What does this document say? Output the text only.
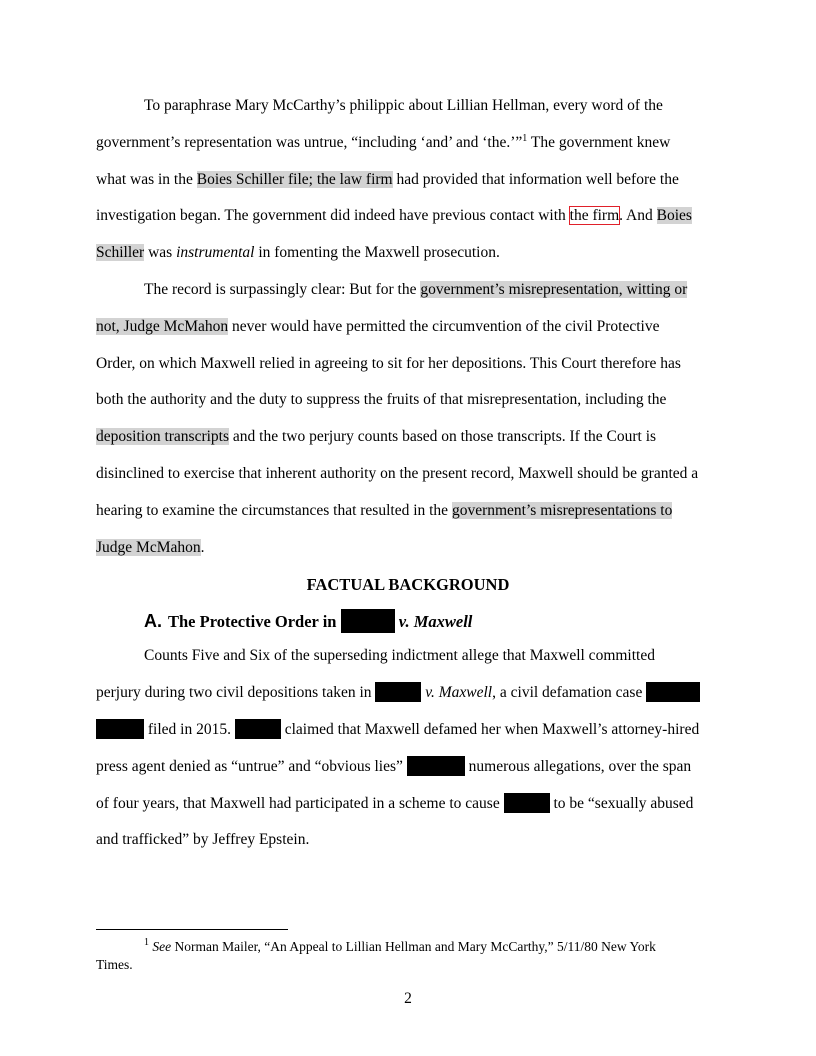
To paraphrase Mary McCarthy’s philippic about Lillian Hellman, every word of the
government’s representation was untrue, “including ‘and’ and ‘the.’”$^1$ The government knew
what was in the Boies Schiller file; the law firm had provided that information well before the
investigation began. The government did indeed have previous contact with the firm. And Boies
Schiller was instrumental in fomenting the Maxwell prosecution.
The record is surpassingly clear: But for the government’s misrepresentation, witting or
not, Judge McMahon never would have permitted the circumvention of the civil Protective
Order, on which Maxwell relied in agreeing to sit for her depositions. This Court therefore has
both the authority and the duty to suppress the fruits of that misrepresentation, including the
deposition transcripts and the two perjury counts based on those transcripts. If the Court is
disinclined to exercise that inherent authority on the present record, Maxwell should be granted a
hearing to examine the circumstances that resulted in the government’s misrepresentations to
Judge McMahon.
FACTUAL BACKGROUND
A. The Protective Order in	v. Maxwell
Counts Five and Six of the superseding indictment allege that Maxwell committed
perjury during two civil depositions taken in	v. Maxwell, a civil defamation case
filed in 2015.	claimed that Maxwell defamed her when Maxwell’s attorney-hired
press agent denied as “untrue” and “obvious lies”	numerous allegations, over the span
of four years, that Maxwell had participated in a scheme to cause	to be “sexually abused
and trafficked” by Jeffrey Epstein.
$^1$ See Norman Mailer, “An Appeal to Lillian Hellman and Mary McCarthy,” 5/11/80 New York
Times.
2
